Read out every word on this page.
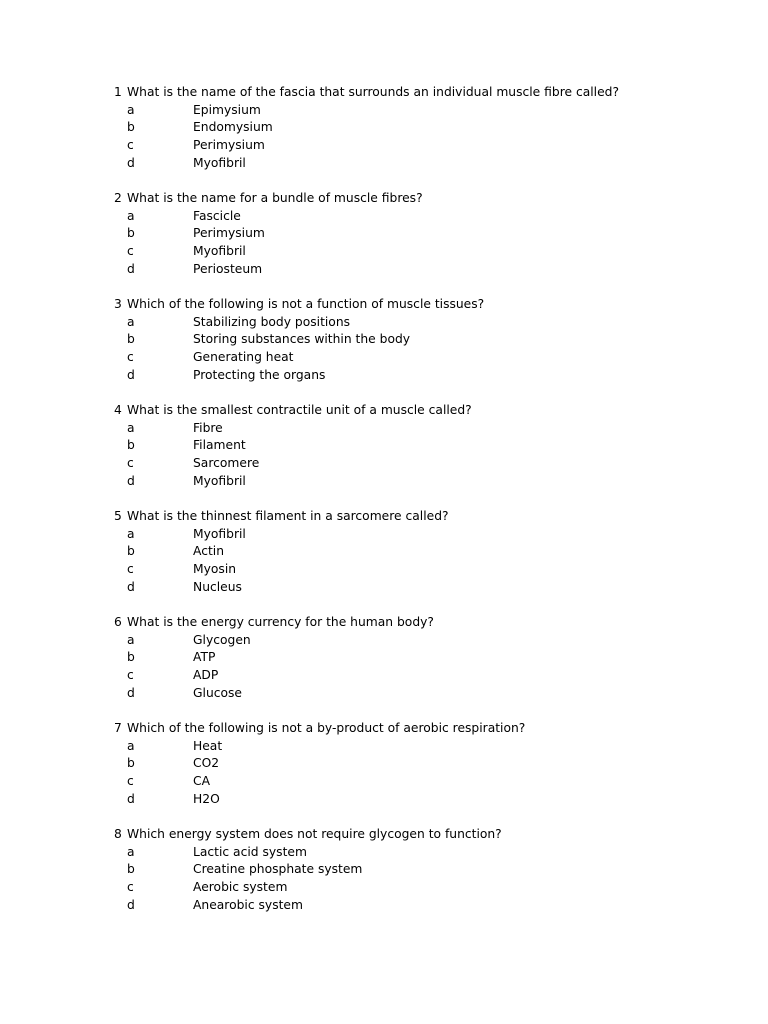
1 What is the name of the fascia that surrounds an individual muscle fibre called?
a	Epimysium
b	Endomysium
c	Perimysium
d	Myofibril
2 What is the name for a bundle of muscle fibres?
a	Fascicle
b	Perimysium
c	Myofibril
d	Periosteum
3 Which of the following is not a function of muscle tissues?
a	Stabilizing body positions
b	Storing substances within the body
c	Generating heat
d	Protecting the organs
4 What is the smallest contractile unit of a muscle called?
a	Fibre
b	Filament
c	Sarcomere
d	Myofibril
5 What is the thinnest filament in a sarcomere called?
a	Myofibril
b	Actin
c	Myosin
d	Nucleus
6 What is the energy currency for the human body?
a	Glycogen
b	ATP
c	ADP
d	Glucose
7 Which of the following is not a by-product of aerobic respiration?
a	Heat
b	CO2
c	CA
d	H2O
8 Which energy system does not require glycogen to function?
a	Lactic acid system
b	Creatine phosphate system
c	Aerobic system
d	Anearobic system
